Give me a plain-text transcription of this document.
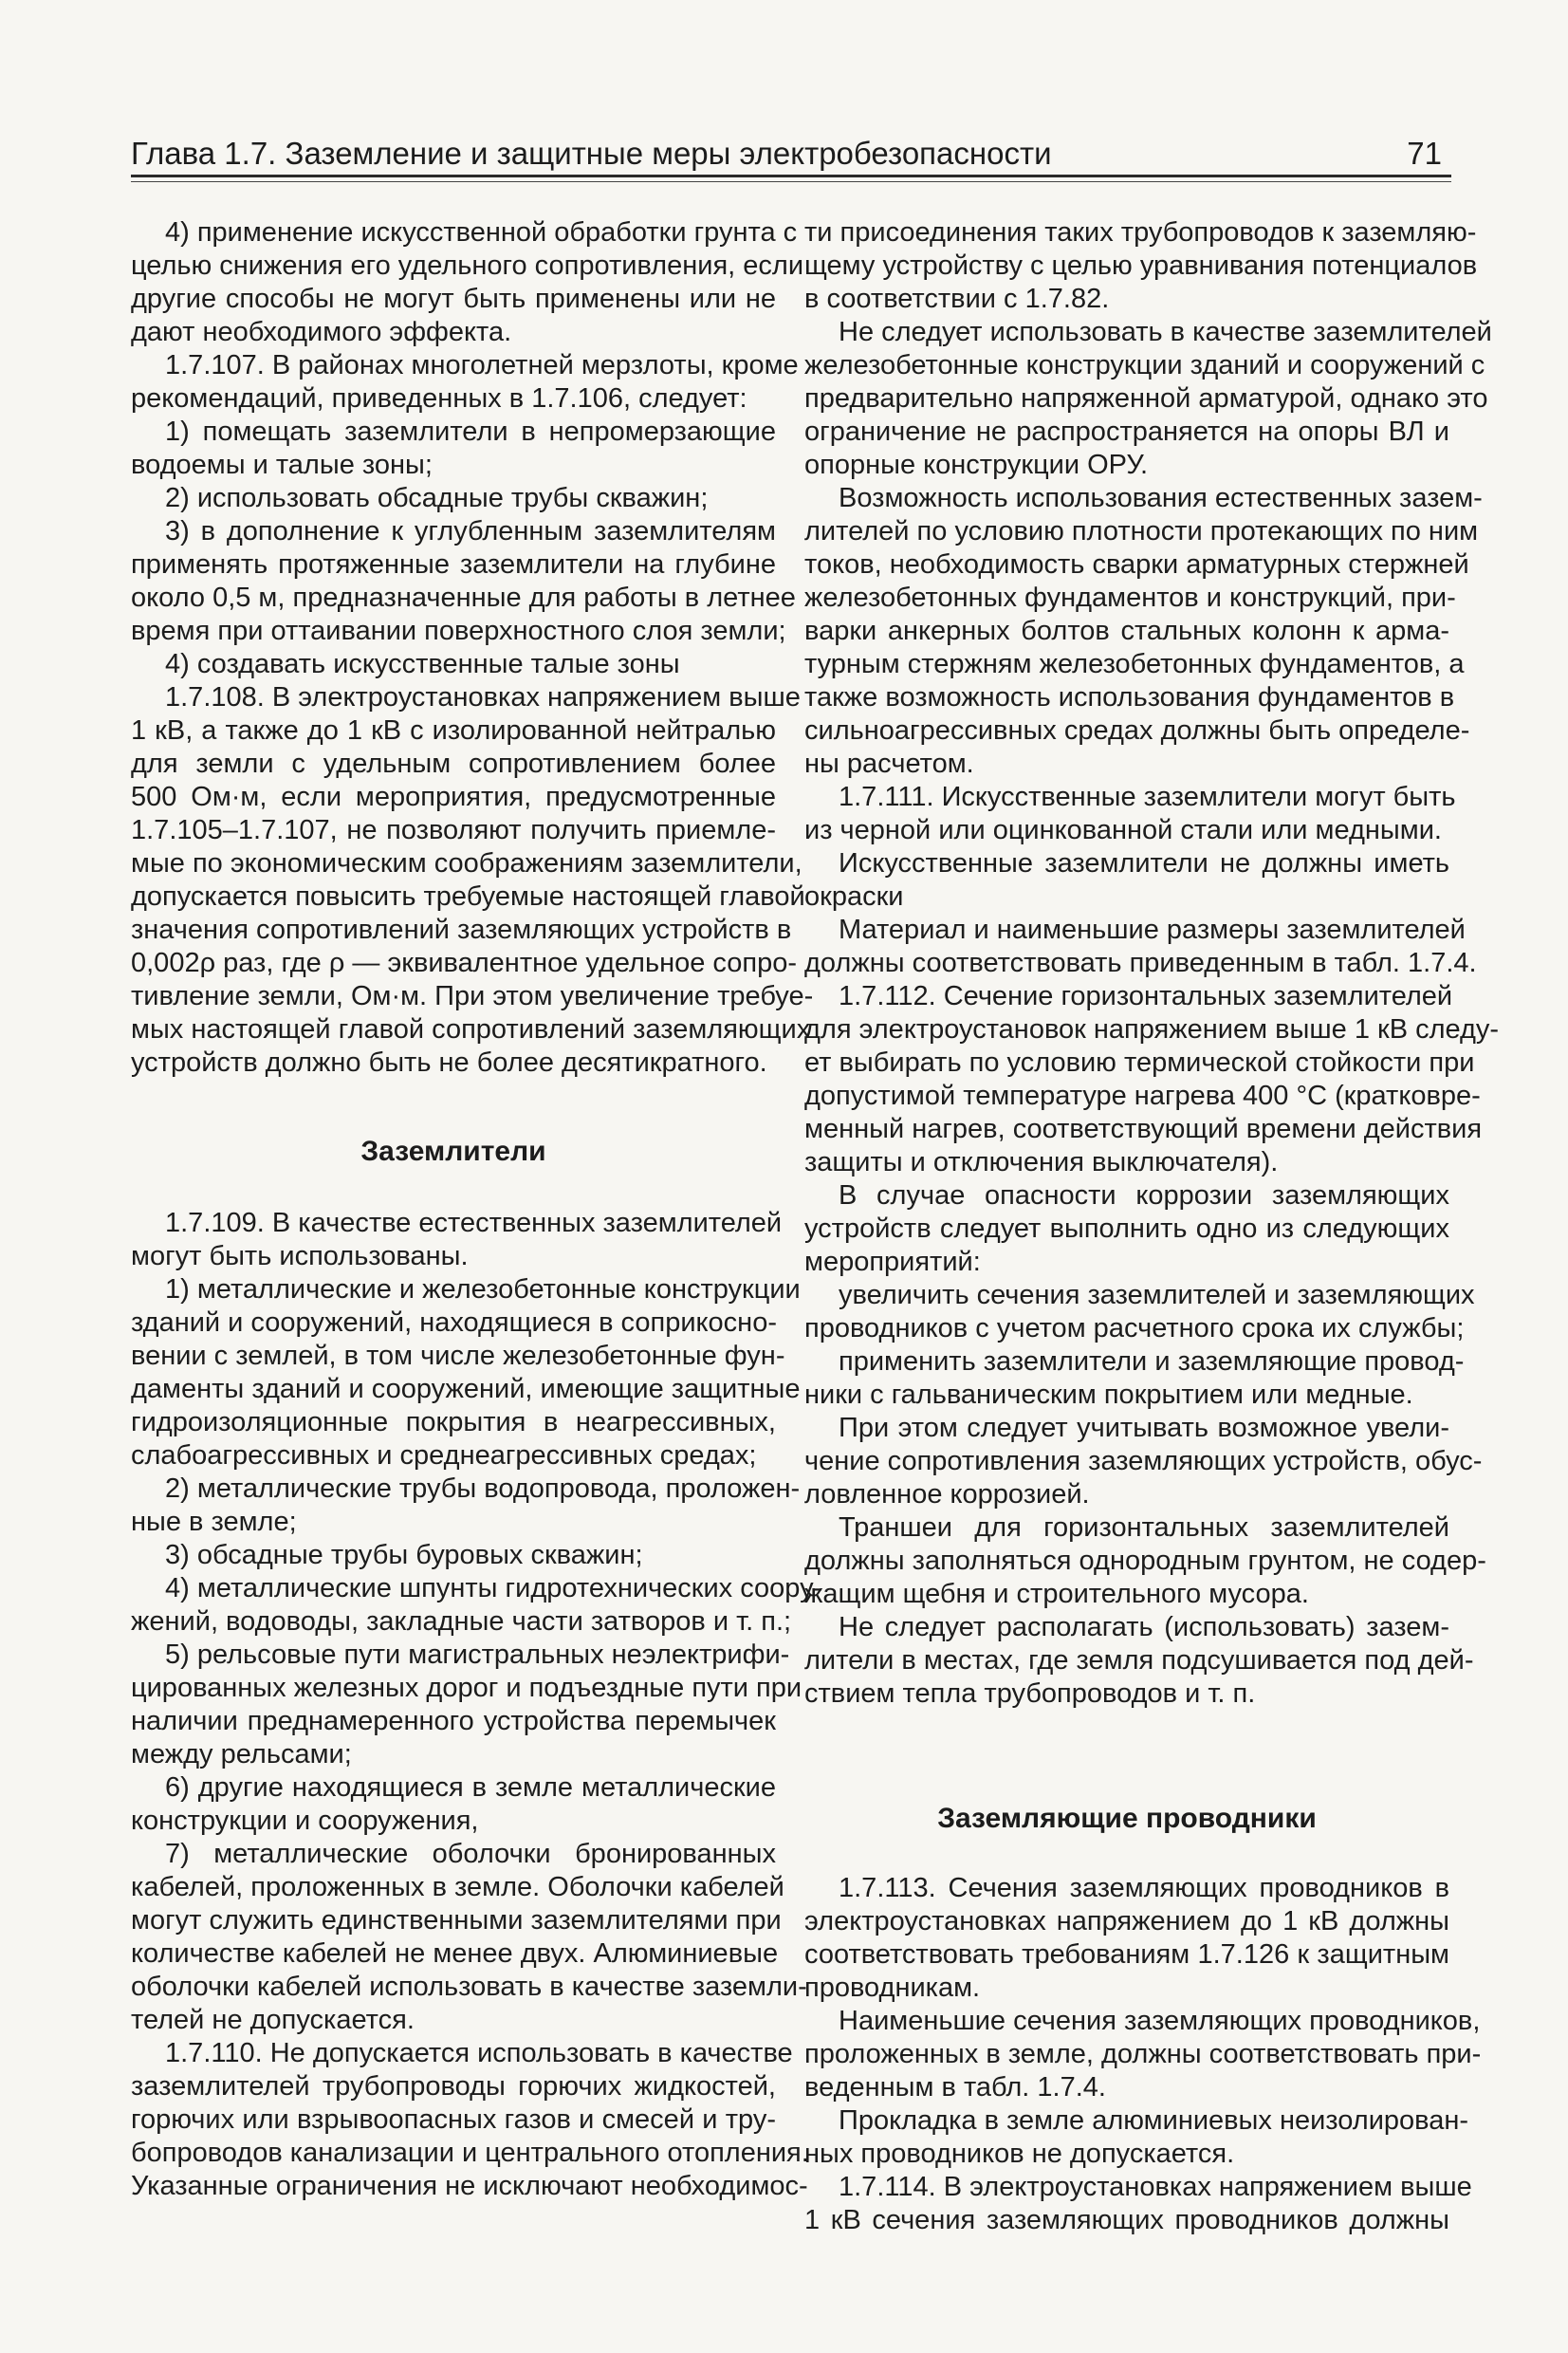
Глава 1.7. Заземление и защитные меры электробезопасности	71
4) применение искусственной обработки грунта с
целью снижения его удельного сопротивления, если
другие способы не могут быть применены или не
дают необходимого эффекта.
1.7.107. В районах многолетней мерзлоты, кроме
рекомендаций, приведенных в 1.7.106, следует:
1) помещать заземлители в непромерзающие
водоемы и талые зоны;
2) использовать обсадные трубы скважин;
3) в дополнение к углубленным заземлителям
применять протяженные заземлители на глубине
около 0,5 м, предназначенные для работы в летнее
время при оттаивании поверхностного слоя земли;
4) создавать искусственные талые зоны
1.7.108. В электроустановках напряжением выше
1 кВ, а также до 1 кВ с изолированной нейтралью
для земли с удельным сопротивлением более
500 Ом·м, если мероприятия, предусмотренные
1.7.105–1.7.107, не позволяют получить приемле-
мые по экономическим соображениям заземлители,
допускается повысить требуемые настоящей главой
значения сопротивлений заземляющих устройств в
0,002ρ раз, где ρ — эквивалентное удельное сопро-
тивление земли, Ом·м. При этом увеличение требуе-
мых настоящей главой сопротивлений заземляющих
устройств должно быть не более десятикратного.
Заземлители
1.7.109. В качестве естественных заземлителей
могут быть использованы.
1) металлические и железобетонные конструкции
зданий и сооружений, находящиеся в соприкосно-
вении с землей, в том числе железобетонные фун-
даменты зданий и сооружений, имеющие защитные
гидроизоляционные покрытия в неагрессивных,
слабоагрессивных и среднеагрессивных средах;
2) металлические трубы водопровода, проложен-
ные в земле;
3) обсадные трубы буровых скважин;
4) металлические шпунты гидротехнических соору-
жений, водоводы, закладные части затворов и т. п.;
5) рельсовые пути магистральных неэлектрифи-
цированных железных дорог и подъездные пути при
наличии преднамеренного устройства перемычек
между рельсами;
6) другие находящиеся в земле металлические
конструкции и сооружения,
7) металлические оболочки бронированных
кабелей, проложенных в земле. Оболочки кабелей
могут служить единственными заземлителями при
количестве кабелей не менее двух. Алюминиевые
оболочки кабелей использовать в качестве заземли-
телей не допускается.
1.7.110. Не допускается использовать в качестве
заземлителей трубопроводы горючих жидкостей,
горючих или взрывоопасных газов и смесей и тру-
бопроводов канализации и центрального отопления.
Указанные ограничения не исключают необходимос-
ти присоединения таких трубопроводов к заземляю-
щему устройству с целью уравнивания потенциалов
в соответствии с 1.7.82.
Не следует использовать в качестве заземлителей
железобетонные конструкции зданий и сооружений с
предварительно напряженной арматурой, однако это
ограничение не распространяется на опоры ВЛ и
опорные конструкции ОРУ.
Возможность использования естественных зазем-
лителей по условию плотности протекающих по ним
токов, необходимость сварки арматурных стержней
железобетонных фундаментов и конструкций, при-
варки анкерных болтов стальных колонн к арма-
турным стержням железобетонных фундаментов, а
также возможность использования фундаментов в
сильноагрессивных средах должны быть определе-
ны расчетом.
1.7.111. Искусственные заземлители могут быть
из черной или оцинкованной стали или медными.
Искусственные заземлители не должны иметь
окраски
Материал и наименьшие размеры заземлителей
должны соответствовать приведенным в табл. 1.7.4.
1.7.112. Сечение горизонтальных заземлителей
для электроустановок напряжением выше 1 кВ следу-
ет выбирать по условию термической стойкости при
допустимой температуре нагрева 400 °С (кратковре-
менный нагрев, соответствующий времени действия
защиты и отключения выключателя).
В случае опасности коррозии заземляющих
устройств следует выполнить одно из следующих
мероприятий:
увеличить сечения заземлителей и заземляющих
проводников с учетом расчетного срока их службы;
применить заземлители и заземляющие провод-
ники с гальваническим покрытием или медные.
При этом следует учитывать возможное увели-
чение сопротивления заземляющих устройств, обус-
ловленное коррозией.
Траншеи для горизонтальных заземлителей
должны заполняться однородным грунтом, не содер-
жащим щебня и строительного мусора.
Не следует располагать (использовать) зазем-
лители в местах, где земля подсушивается под дей-
ствием тепла трубопроводов и т. п.
Заземляющие проводники
1.7.113. Сечения заземляющих проводников в
электроустановках напряжением до 1 кВ должны
соответствовать требованиям 1.7.126 к защитным
проводникам.
Наименьшие сечения заземляющих проводников,
проложенных в земле, должны соответствовать при-
веденным в табл. 1.7.4.
Прокладка в земле алюминиевых неизолирован-
ных проводников не допускается.
1.7.114. В электроустановках напряжением выше
1 кВ сечения заземляющих проводников должны
